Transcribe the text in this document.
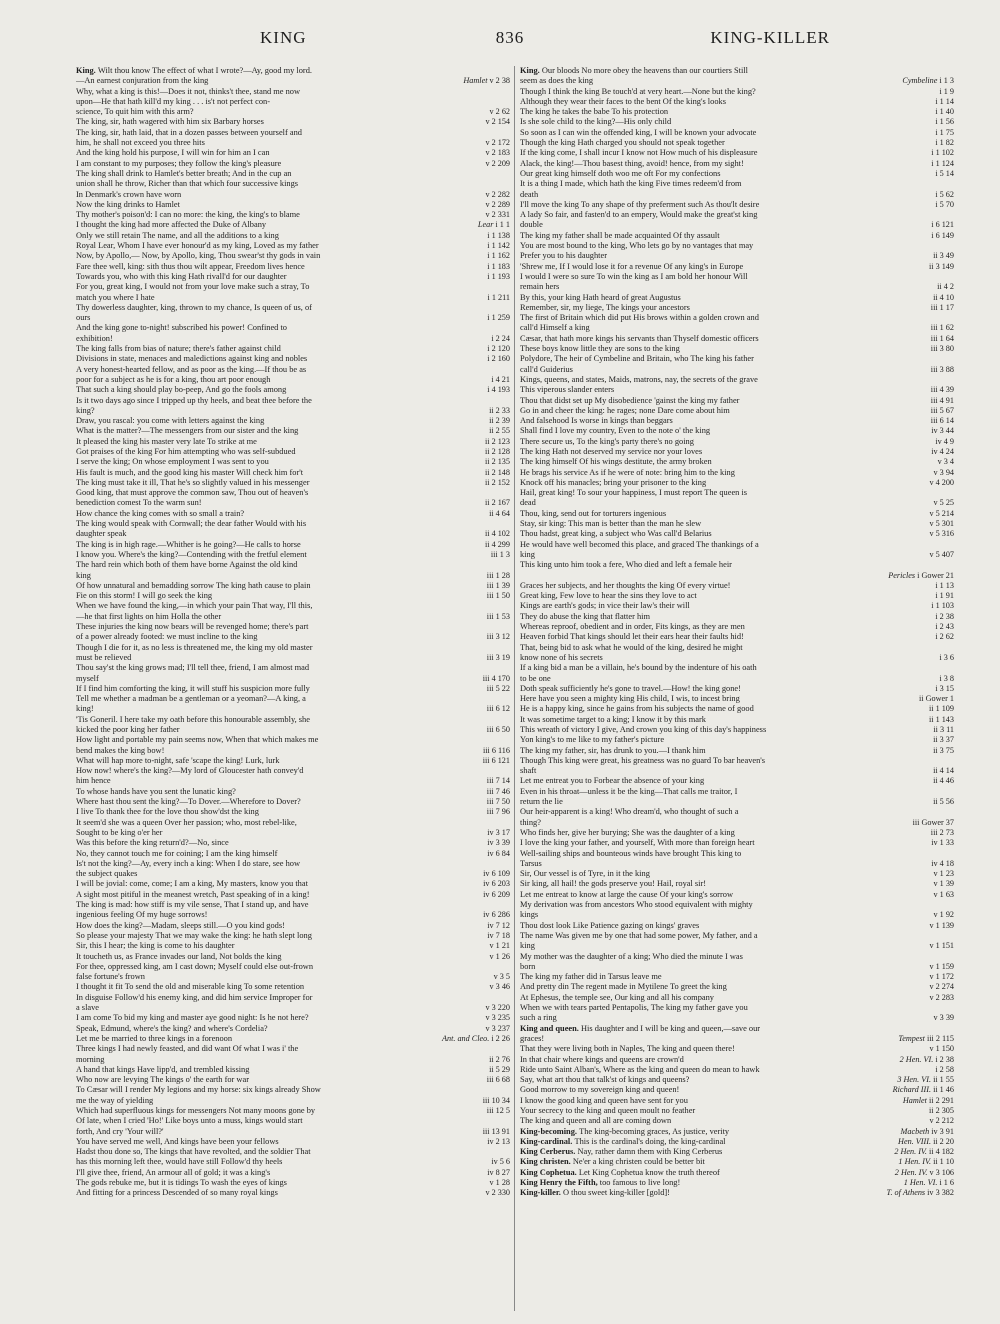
KING	836	KING-KILLER
King. Wilt thou know The effect of what I wrote?—Ay, good my lord.
—An earnest conjuration from the king	Hamlet v 2 38
Why, what a king is this!—Does it not, thinks't thee, stand me now
upon—He that hath kill'd my king . . . is't not perfect con-
science, To quit him with this arm?	v 2 62
The king, sir, hath wagered with him six Barbary horses	v 2 154
The king, sir, hath laid, that in a dozen passes between yourself and
him, he shall not exceed you three hits	v 2 172
And the king hold his purpose, I will win for him an I can	v 2 183
I am constant to my purposes; they follow the king's pleasure	v 2 209
The king shall drink to Hamlet's better breath; And in the cup an
union shall he throw, Richer than that which four successive kings
In Denmark's crown have worn	v 2 282
Now the king drinks to Hamlet	v 2 289
Thy mother's poison'd: I can no more: the king, the king's to blame	v 2 331
I thought the king had more affected the Duke of Albany	Lear i 1 1
Only we still retain The name, and all the additions to a king	i 1 138
Royal Lear, Whom I have ever honour'd as my king, Loved as my father	i 1 142
Now, by Apollo,— Now, by Apollo, king, Thou swear'st thy gods in vain	i 1 162
Fare thee well, king: sith thus thou wilt appear, Freedom lives hence	i 1 183
Towards you, who with this king Hath rivall'd for our daughter	i 1 193
For you, great king, I would not from your love make such a stray, To
match you where I hate	i 1 211
Thy dowerless daughter, king, thrown to my chance, Is queen of us, of
ours	i 1 259
And the king gone to-night! subscribed his power! Confined to
exhibition!	i 2 24
The king falls from bias of nature; there's father against child	i 2 120
Divisions in state, menaces and maledictions against king and nobles	i 2 160
A very honest-hearted fellow, and as poor as the king.—If thou be as
poor for a subject as he is for a king, thou art poor enough	i 4 21
That such a king should play bo-peep, And go the fools among	i 4 193
Is it two days ago since I tripped up thy heels, and beat thee before the
king?	ii 2 33
Draw, you rascal: you come with letters against the king	ii 2 39
What is the matter?—The messengers from our sister and the king	ii 2 55
It pleased the king his master very late To strike at me	ii 2 123
Got praises of the king For him attempting who was self-subdued	ii 2 128
I serve the king; On whose employment I was sent to you	ii 2 135
His fault is much, and the good king his master Will check him for't	ii 2 148
The king must take it ill, That he's so slightly valued in his messenger	ii 2 152
Good king, that must approve the common saw, Thou out of heaven's
benediction comest To the warm sun!	ii 2 167
How chance the king comes with so small a train?	ii 4 64
The king would speak with Cornwall; the dear father Would with his
daughter speak	ii 4 102
The king is in high rage.—Whither is he going?—He calls to horse	ii 4 299
I know you. Where's the king?—Contending with the fretful element	iii 1 3
The hard rein which both of them have borne Against the old kind
king	iii 1 28
Of how unnatural and bemadding sorrow The king hath cause to plain	iii 1 39
Fie on this storm! I will go seek the king	iii 1 50
When we have found the king,—in which your pain That way, I'll this,
—he that first lights on him Holla the other	iii 1 53
These injuries the king now bears will be revenged home; there's part
of a power already footed: we must incline to the king	iii 3 12
Though I die for it, as no less is threatened me, the king my old master
must be relieved	iii 3 19
Thou say'st the king grows mad; I'll tell thee, friend, I am almost mad
myself	iii 4 170
If I find him comforting the king, it will stuff his suspicion more fully	iii 5 22
Tell me whether a madman be a gentleman or a yeoman?—A king, a
king!	iii 6 12
'Tis Goneril. I here take my oath before this honourable assembly, she
kicked the poor king her father	iii 6 50
How light and portable my pain seems now, When that which makes me
bend makes the king bow!	iii 6 116
What will hap more to-night, safe 'scape the king! Lurk, lurk	iii 6 121
How now! where's the king?—My lord of Gloucester hath convey'd
him hence	iii 7 14
To whose hands have you sent the lunatic king?	iii 7 46
Where hast thou sent the king?—To Dover.—Wherefore to Dover?	iii 7 50
I live To thank thee for the love thou show'dst the king	iii 7 96
It seem'd she was a queen Over her passion; who, most rebel-like,
Sought to be king o'er her	iv 3 17
Was this before the king return'd?—No, since	iv 3 39
No, they cannot touch me for coining; I am the king himself	iv 6 84
Is't not the king?—Ay, every inch a king: When I do stare, see how
the subject quakes	iv 6 109
I will be jovial: come, come; I am a king, My masters, know you that	iv 6 203
A sight most pitiful in the meanest wretch, Past speaking of in a king!	iv 6 209
The king is mad: how stiff is my vile sense, That I stand up, and have
ingenious feeling Of my huge sorrows!	iv 6 286
How does the king?—Madam, sleeps still.—O you kind gods!	iv 7 12
So please your majesty That we may wake the king: he hath slept long	iv 7 18
Sir, this I hear; the king is come to his daughter	v 1 21
It toucheth us, as France invades our land, Not bolds the king	v 1 26
For thee, oppressed king, am I cast down; Myself could else out-frown
false fortune's frown	v 3 5
I thought it fit To send the old and miserable king To some retention	v 3 46
In disguise Follow'd his enemy king, and did him service Improper for
a slave	v 3 220
I am come To bid my king and master aye good night: Is he not here?	v 3 235
Speak, Edmund, where's the king? and where's Cordelia?	v 3 237
Let me be married to three kings in a forenoon	Ant. and Cleo. i 2 26
Three kings I had newly feasted, and did want Of what I was i' the
morning	ii 2 76
A hand that kings Have lipp'd, and trembled kissing	ii 5 29
Who now are levying The kings o' the earth for war	iii 6 68
To Cæsar will I render My legions and my horse: six kings already Show
me the way of yielding	iii 10 34
Which had superfluous kings for messengers Not many moons gone by	iii 12 5
Of late, when I cried 'Ho!' Like boys unto a muss, kings would start
forth, And cry 'Your will?'	iii 13 91
You have served me well, And kings have been your fellows	iv 2 13
Hadst thou done so, The kings that have revolted, and the soldier That
has this morning left thee, would have still Follow'd thy heels	iv 5 6
I'll give thee, friend, An armour all of gold; it was a king's	iv 8 27
The gods rebuke me, but it is tidings To wash the eyes of kings	v 1 28
And fitting for a princess Descended of so many royal kings	v 2 330
King. Our bloods No more obey the heavens than our courtiers Still
seem as does the king	Cymbeline i 1 3
Though I think the king Be touch'd at very heart.—None but the king?	i 1 9
Although they wear their faces to the bent Of the king's looks	i 1 14
The king he takes the babe To his protection	i 1 40
Is she sole child to the king?—His only child	i 1 56
So soon as I can win the offended king, I will be known your advocate	i 1 75
Though the king Hath charged you should not speak together	i 1 82
If the king come, I shall incur I know not How much of his displeasure	i 1 102
Alack, the king!—Thou basest thing, avoid! hence, from my sight!	i 1 124
Our great king himself doth woo me oft For my confections	i 5 14
It is a thing I made, which hath the king Five times redeem'd from
death	i 5 62
I'll move the king To any shape of thy preferment such As thou'lt desire	i 5 70
A lady So fair, and fasten'd to an empery, Would make the great'st king
double	i 6 121
The king my father shall be made acquainted Of thy assault	i 6 149
You are most bound to the king, Who lets go by no vantages that may
Prefer you to his daughter	ii 3 49
'Shrew me, If I would lose it for a revenue Of any king's in Europe	ii 3 149
I would I were so sure To win the king as I am bold her honour Will
remain hers	ii 4 2
By this, your king Hath heard of great Augustus	ii 4 10
Remember, sir, my liege, The kings your ancestors	iii 1 17
The first of Britain which did put His brows within a golden crown and
call'd Himself a king	iii 1 62
Cæsar, that hath more kings his servants than Thyself domestic officers	iii 1 64
These boys know little they are sons to the king	iii 3 80
Polydore, The heir of Cymbeline and Britain, who The king his father
call'd Guiderius	iii 3 88
Kings, queens, and states, Maids, matrons, nay, the secrets of the grave
This viperous slander enters	iii 4 39
Thou that didst set up My disobedience 'gainst the king my father	iii 4 91
Go in and cheer the king: he rages; none Dare come about him	iii 5 67
And falsehood Is worse in kings than beggars	iii 6 14
Shall find I love my country, Even to the note o' the king	iv 3 44
There secure us, To the king's party there's no going	iv 4 9
The king Hath not deserved my service nor your loves	iv 4 24
The king himself Of his wings destitute, the army broken	v 3 4
He brags his service As if he were of note: bring him to the king	v 3 94
Knock off his manacles; bring your prisoner to the king	v 4 200
Hail, great king! To sour your happiness, I must report The queen is
dead	v 5 25
Thou, king, send out for torturers ingenious	v 5 214
Stay, sir king: This man is better than the man he slew	v 5 301
Thou hadst, great king, a subject who Was call'd Belarius	v 5 316
He would have well becomed this place, and graced The thankings of a
king	v 5 407
This king unto him took a fere, Who died and left a female heir
Pericles i Gower 21
Graces her subjects, and her thoughts the king Of every virtue!	i 1 13
Great king, Few love to hear the sins they love to act	i 1 91
Kings are earth's gods; in vice their law's their will	i 1 103
They do abuse the king that flatter him	i 2 38
Whereas reproof, obedient and in order, Fits kings, as they are men	i 2 43
Heaven forbid That kings should let their ears hear their faults hid!	i 2 62
That, being bid to ask what he would of the king, desired he might
know none of his secrets	i 3 6
If a king bid a man be a villain, he's bound by the indenture of his oath
to be one	i 3 8
Doth speak sufficiently he's gone to travel.—How! the king gone!	i 3 15
Here have you seen a mighty king His child, I wis, to incest bring	ii Gower 1
He is a happy king, since he gains from his subjects the name of good	ii 1 109
It was sometime target to a king; I know it by this mark	ii 1 143
This wreath of victory I give, And crown you king of this day's happiness	ii 3 11
Yon king's to me like to my father's picture	ii 3 37
The king my father, sir, has drunk to you.—I thank him	ii 3 75
Though This king were great, his greatness was no guard To bar heaven's
shaft	ii 4 14
Let me entreat you to Forbear the absence of your king	ii 4 46
Even in his throat—unless it be the king—That calls me traitor, I
return the lie	ii 5 56
Our heir-apparent is a king! Who dream'd, who thought of such a
thing?	iii Gower 37
Who finds her, give her burying; She was the daughter of a king	iii 2 73
I love the king your father, and yourself, With more than foreign heart	iv 1 33
Well-sailing ships and bounteous winds have brought This king to
Tarsus	iv 4 18
Sir, Our vessel is of Tyre, in it the king	v 1 23
Sir king, all hail! the gods preserve you! Hail, royal sir!	v 1 39
Let me entreat to know at large the cause Of your king's sorrow	v 1 63
My derivation was from ancestors Who stood equivalent with mighty
kings	v 1 92
Thou dost look Like Patience gazing on kings' graves	v 1 139
The name Was given me by one that had some power, My father, and a
king	v 1 151
My mother was the daughter of a king; Who died the minute I was
born	v 1 159
The king my father did in Tarsus leave me	v 1 172
And pretty din The regent made in Mytilene To greet the king	v 2 274
At Ephesus, the temple see, Our king and all his company	v 2 283
When we with tears parted Pentapolis, The king my father gave you
such a ring	v 3 39
King and queen. His daughter and I will be king and queen,—save our
graces!	Tempest iii 2 115
That they were living both in Naples, The king and queen there!	v 1 150
In that chair where kings and queens are crown'd	2 Hen. VI. i 2 38
Ride unto Saint Alban's, Where as the king and queen do mean to hawk	i 2 58
Say, what art thou that talk'st of kings and queens?	3 Hen. VI. ii 1 55
Good morrow to my sovereign king and queen!	Richard III. ii 1 46
I know the good king and queen have sent for you	Hamlet ii 2 291
Your secrecy to the king and queen moult no feather	ii 2 305
The king and queen and all are coming down	v 2 212
King-becoming. The king-becoming graces, As justice, verity	Macbeth iv 3 91
King-cardinal. This is the cardinal's doing, the king-cardinal	Hen. VIII. ii 2 20
King Cerberus. Nay, rather damn them with King Cerberus	2 Hen. IV. ii 4 182
King christen. Ne'er a king christen could be better bit	1 Hen. IV. ii 1 10
King Cophetua. Let King Cophetua know the truth thereof	2 Hen. IV. v 3 106
King Henry the Fifth, too famous to live long!	1 Hen. VI. i 1 6
King-killer. O thou sweet king-killer [gold]!	T. of Athens iv 3 382
